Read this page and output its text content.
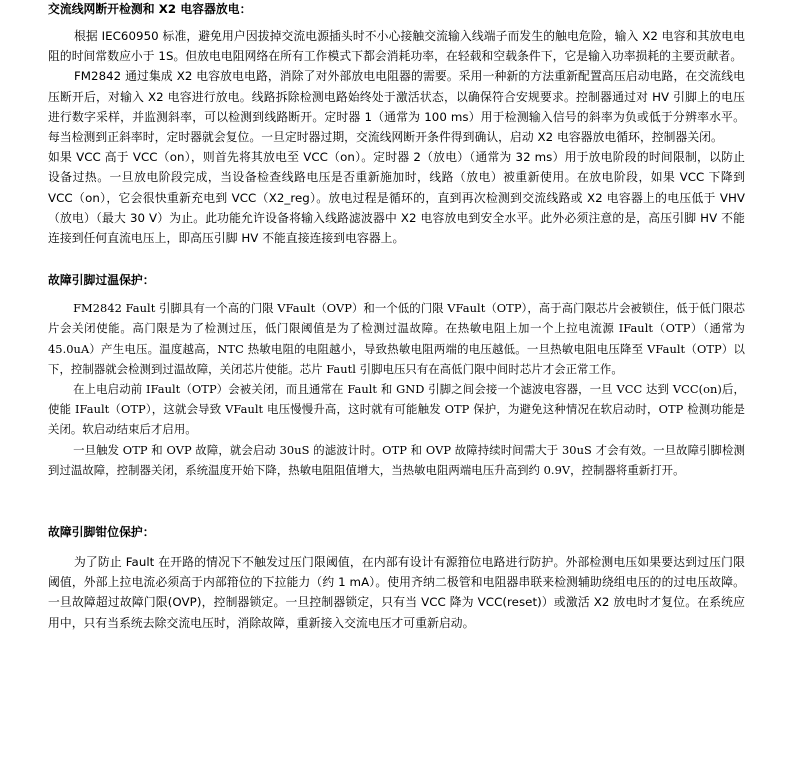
交流线网断开检测和 X2 电容器放电：

根据 IEC60950 标准，避免用户因拔掉交流电源插头时不小心接触交流输入线端子而发生的触电危险，输入 X2 电容和其放电电阻的时间常数应小于 1S。但放电电阻网络在所有工作模式下都会消耗功率，在轻载和空载条件下，它是输入功率损耗的主要贡献者。

FM2842 通过集成 X2 电容放电电路，消除了对外部放电电阻器的需要。采用一种新的方法重新配置高压启动电路，在交流线电压断开后，对输入 X2 电容进行放电。线路拆除检测电路始终处于激活状态，以确保符合安规要求。控制器通过对 HV 引脚上的电压进行数字采样，并监测斜率，可以检测到线路断开。定时器 1（通常为 100 ms）用于检测输入信号的斜率为负或低于分辨率水平。每当检测到正斜率时，定时器就会复位。一旦定时器过期，交流线网断开条件得到确认，启动 X2 电容器放电循环，控制器关闭。

如果 VCC 高于 VCC（on），则首先将其放电至 VCC（on）。定时器 2（放电）（通常为 32 ms）用于放电阶段的时间限制，以防止设备过热。一旦放电阶段完成，当设备检查线路电压是否重新施加时，线路（放电）被重新使用。在放电阶段，如果 VCC 下降到 VCC（on），它会很快重新充电到 VCC（X2_reg）。放电过程是循环的，直到再次检测到交流线路或 X2 电容器上的电压低于 VHV（放电）（最大 30 V）为止。此功能允许设备将输入线路滤波器中 X2 电容放电到安全水平。此外必须注意的是，高压引脚 HV 不能连接到任何直流电压上，即高压引脚 HV 不能直接连接到电容器上。

故障引脚过温保护：

FM2842 Fault 引脚具有一个高的门限 VFault（OVP）和一个低的门限 VFault（OTP），高于高门限芯片会被锁住，低于低门限芯片会关闭使能。高门限是为了检测过压，低门限阈值是为了检测过温故障。在热敏电阻上加一个上拉电流源 IFault（OTP）（通常为 45.0uA）产生电压。温度越高，NTC 热敏电阻的电阻越小，导致热敏电阻两端的电压越低。一旦热敏电阻电压降至 VFault（OTP）以下，控制器就会检测到过温故障，关闭芯片使能。芯片 Fautl 引脚电压只有在高低门限中间时芯片才会正常工作。

在上电启动前 IFault（OTP）会被关闭，而且通常在 Fault 和 GND 引脚之间会接一个滤波电容器，一旦 VCC 达到 VCC(on)后，使能 IFault（OTP），这就会导致 VFault 电压慢慢升高，这时就有可能触发 OTP 保护，为避免这种情况在软启动时，OTP 检测功能是关闭。软启动结束后才启用。

一旦触发 OTP 和 OVP 故障，就会启动 30uS 的滤波计时。OTP 和 OVP 故障持续时间需大于 30uS 才会有效。一旦故障引脚检测到过温故障，控制器关闭，系统温度开始下降，热敏电阻阻值增大，当热敏电阻两端电压升高到约 0.9V，控制器将重新打开。

故障引脚钳位保护：

为了防止 Fault 在开路的情况下不触发过压门限阈值，在内部有设计有源箝位电路进行防护。外部检测电压如果要达到过压门限阈值，外部上拉电流必须高于内部箝位的下拉能力（约 1 mA）。使用齐纳二极管和电阻器串联来检测辅助绕组电压的的过电压故障。一旦故障超过故障门限(OVP)，控制器锁定。一旦控制器锁定，只有当 VCC 降为 VCC(reset)）或激活 X2 放电时才复位。在系统应用中，只有当系统去除交流电压时，消除故障，重新接入交流电压才可重新启动。
